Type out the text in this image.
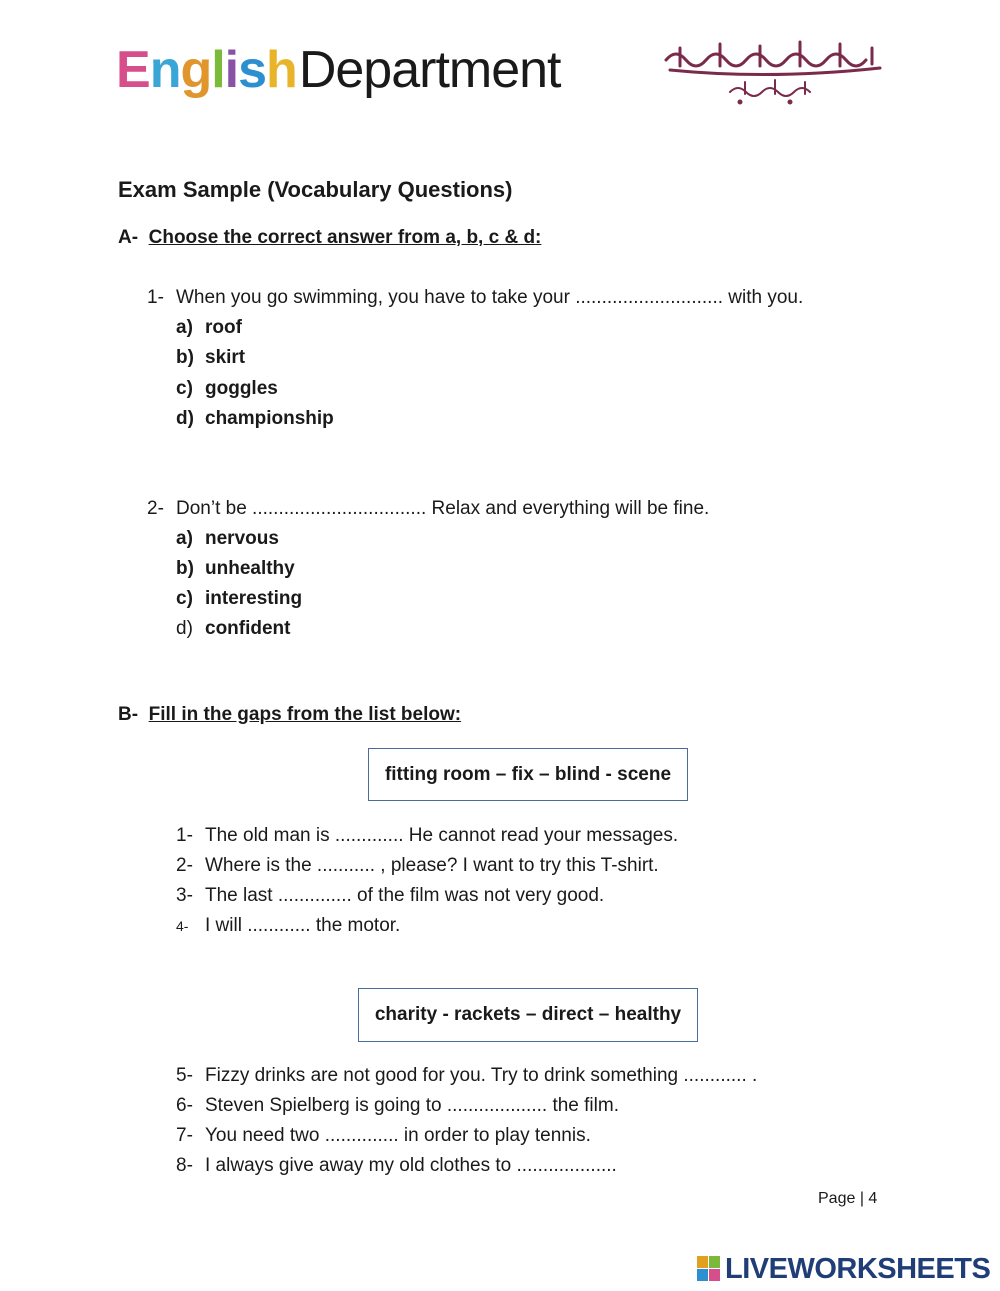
EnglishDepartment
Exam Sample (Vocabulary Questions)
A- Choose the correct answer from a, b, c & d:
1- When you go swimming, you have to take your ............................ with you.
a) roof
b) skirt
c) goggles
d) championship
2- Don’t be ................................. Relax and everything will be fine.
a) nervous
b) unhealthy
c) interesting
d) confident
B- Fill in the gaps from the list below:
fitting room – fix – blind - scene
1- The old man is ............. He cannot read your messages.
2- Where is the ........... , please? I want to try this T-shirt.
3- The last .............. of the film was not very good.
4- I will ............ the motor.
charity - rackets – direct – healthy
5- Fizzy drinks are not good for you. Try to drink something ............ .
6- Steven Spielberg is going to ................... the film.
7- You need two .............. in order to play tennis.
8- I always give away my old clothes to ...................
Page | 4
LIVEWORKSHEETS
